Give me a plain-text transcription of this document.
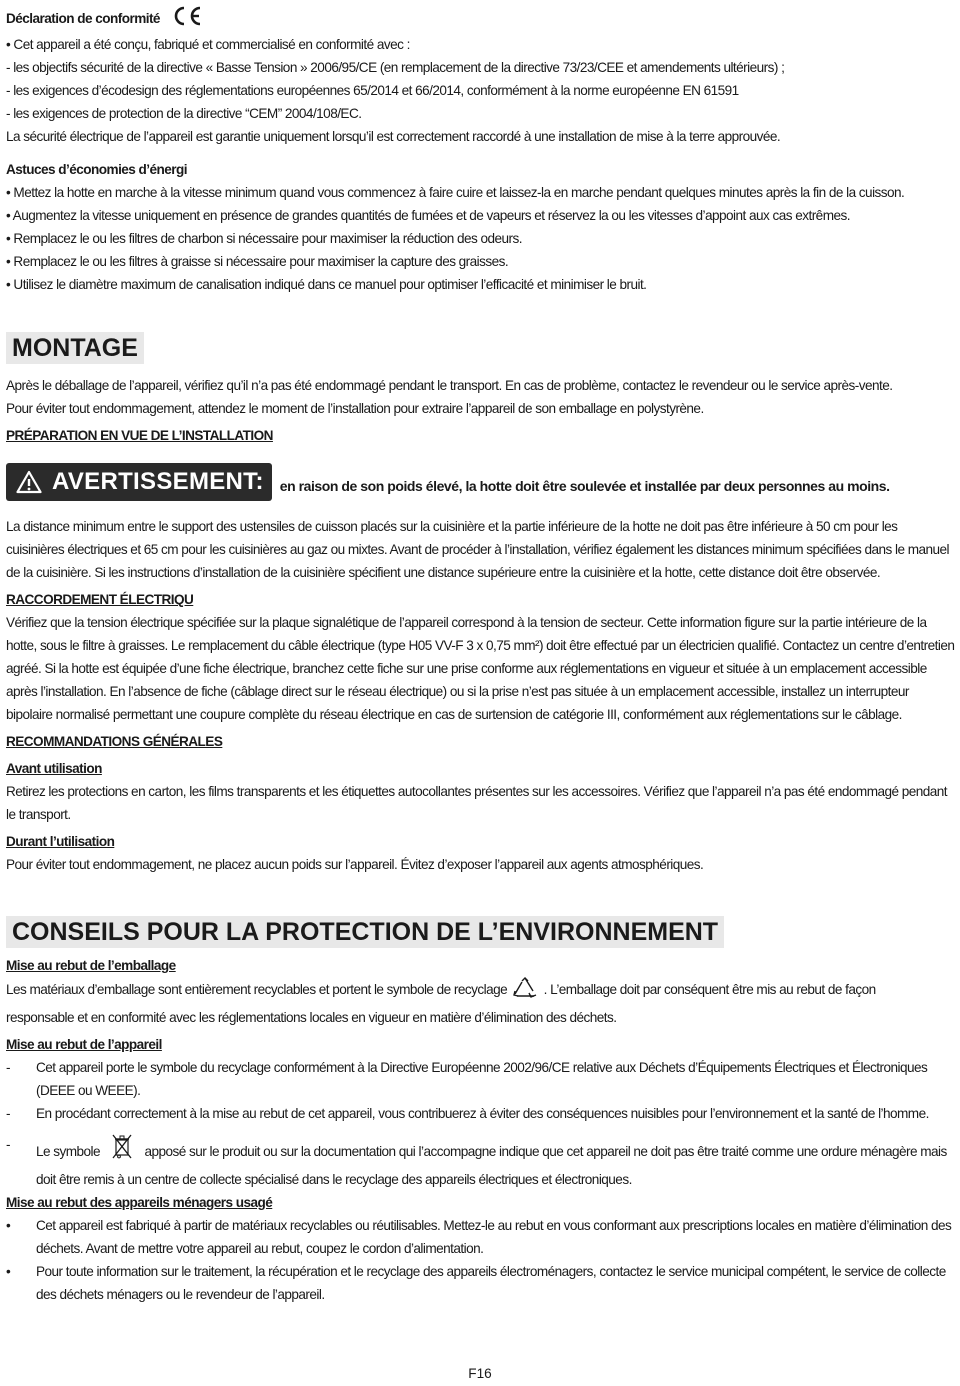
Déclaration de conformité
• Cet appareil a été conçu, fabriqué et commercialisé en conformité avec :
- les objectifs sécurité de la directive « Basse Tension » 2006/95/CE (en remplacement de la directive 73/23/CEE et amendements ultérieurs) ;
- les exigences d’écodesign des réglementations européennes 65/2014 et 66/2014, conformément à la norme européenne EN 61591
- les exigences de protection de la directive “CEM” 2004/108/EC.
La sécurité électrique de l’appareil est garantie uniquement lorsqu’il est correctement raccordé à une installation de mise à la terre approuvée.
Astuces d’économies d’énergi
• Mettez la hotte en marche à la vitesse minimum quand vous commencez à faire cuire et laissez-la en marche pendant quelques minutes après la fin de la cuisson.
• Augmentez la vitesse uniquement en présence de grandes quantités de fumées et de vapeurs et réservez la ou les vitesses d’appoint aux cas extrêmes.
• Remplacez le ou les filtres de charbon si nécessaire pour maximiser la réduction des odeurs.
• Remplacez le ou les filtres à graisse si nécessaire pour maximiser la capture des graisses.
• Utilisez le diamètre maximum de canalisation indiqué dans ce manuel pour optimiser l’efficacité et minimiser le bruit.
MONTAGE
Après le déballage de l’appareil, vérifiez qu’il n’a pas été endommagé pendant le transport. En cas de problème, contactez le revendeur ou le service après-vente.
Pour éviter tout endommagement, attendez le moment de l’installation pour extraire l’appareil de son emballage en polystyrène.
PRÉPARATION EN VUE DE L’INSTALLATION
AVERTISSEMENT: en raison de son poids élevé, la hotte doit être soulevée et installée par deux personnes au moins.
La distance minimum entre le support des ustensiles de cuisson placés sur la cuisinière et la partie inférieure de la hotte ne doit pas être inférieure à 50 cm pour les cuisinières électriques et 65 cm pour les cuisinières au gaz ou mixtes. Avant de procéder à l’installation, vérifiez également les distances minimum spécifiées dans le manuel de la cuisinière. Si les instructions d’installation de la cuisinière spécifient une distance supérieure entre la cuisinière et la hotte, cette distance doit être observée.
RACCORDEMENT ÉLECTRIQU
Vérifiez que la tension électrique spécifiée sur la plaque signalétique de l’appareil correspond à la tension de secteur. Cette information figure sur la partie intérieure de la hotte, sous le filtre à graisses. Le remplacement du câble électrique (type H05 VV-F 3 x 0,75 mm²) doit être effectué par un électricien qualifié. Contactez un centre d’entretien agréé. Si la hotte est équipée d’une fiche électrique, branchez cette fiche sur une prise conforme aux réglementations en vigueur et située à un emplacement accessible après l’installation. En l’absence de fiche (câblage direct sur le réseau électrique) ou si la prise n’est pas située à un emplacement accessible, installez un interrupteur bipolaire normalisé permettant une coupure complète du réseau électrique en cas de surtension de catégorie III, conformément aux réglementations sur le câblage.
RECOMMANDATIONS GÉNÉRALES
Avant utilisation
Retirez les protections en carton, les films transparents et les étiquettes autocollantes présentes sur les accessoires. Vérifiez que l’appareil n’a pas été endommagé pendant le transport.
Durant l’utilisation
Pour éviter tout endommagement, ne placez aucun poids sur l’appareil. Évitez d’exposer l’appareil aux agents atmosphériques.
CONSEILS POUR LA PROTECTION DE L’ENVIRONNEMENT
Mise au rebut de l’emballage
Les matériaux d’emballage sont entièrement recyclables et portent le symbole de recyclage	. L’emballage doit par conséquent être mis au rebut de façon
responsable et en conformité avec les réglementations locales en vigueur en matière d’élimination des déchets.
Mise au rebut de l’appareil
-	Cet appareil porte le symbole du recyclage conformément à la Directive Européenne 2002/96/CE relative aux Déchets d’Équipements Électriques et Électroniques (DEEE ou WEEE).
-	En procédant correctement à la mise au rebut de cet appareil, vous contribuerez à éviter des conséquences nuisibles pour l’environnement et la santé de l’homme.
-	Le symbole	apposé sur le produit ou sur la documentation qui l’accompagne indique que cet appareil ne doit pas être traité comme une ordure ménagère mais doit être remis à un centre de collecte spécialisé dans le recyclage des appareils électriques et électroniques.
Mise au rebut des appareils ménagers usagé
•	Cet appareil est fabriqué à partir de matériaux recyclables ou réutilisables. Mettez-le au rebut en vous conformant aux prescriptions locales en matière d’élimination des déchets. Avant de mettre votre appareil au rebut, coupez le cordon d’alimentation.
•	Pour toute information sur le traitement, la récupération et le recyclage des appareils électroménagers, contactez le service municipal compétent, le service de collecte des déchets ménagers ou le revendeur de l’appareil.
F16
